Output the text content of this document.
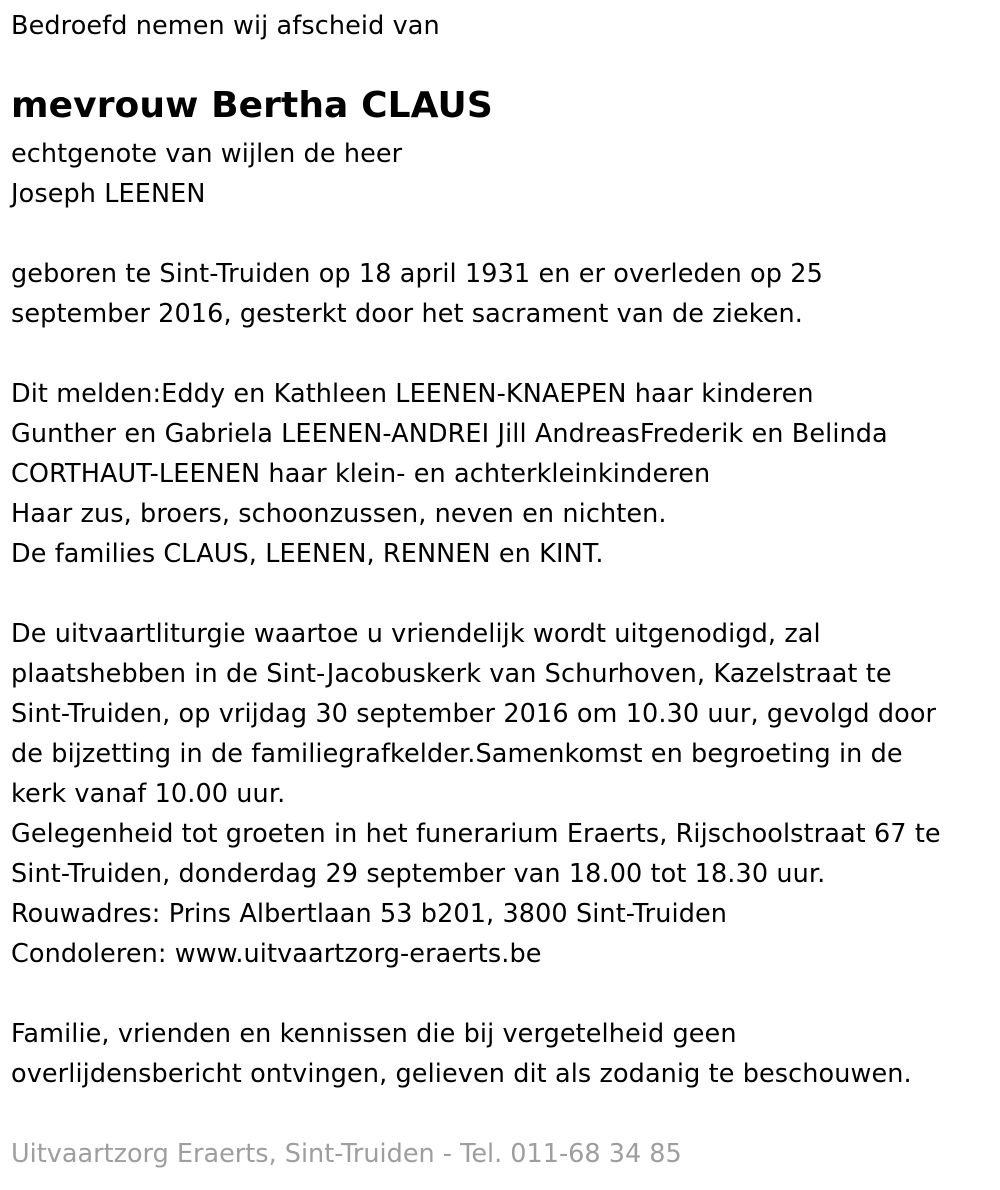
Bedroefd nemen wij afscheid van
mevrouw Bertha CLAUS
echtgenote van wijlen de heer
Joseph LEENEN
geboren te Sint-Truiden op 18 april 1931 en er overleden op 25
september 2016, gesterkt door het sacrament van de zieken.
Dit melden:Eddy en Kathleen LEENEN-KNAEPEN haar kinderen
Gunther en Gabriela LEENEN-ANDREI Jill AndreasFrederik en Belinda
CORTHAUT-LEENEN haar klein- en achterkleinkinderen
Haar zus, broers, schoonzussen, neven en nichten.
De families CLAUS, LEENEN, RENNEN en KINT.
De uitvaartliturgie waartoe u vriendelijk wordt uitgenodigd, zal
plaatshebben in de Sint-Jacobuskerk van Schurhoven, Kazelstraat te
Sint-Truiden, op vrijdag 30 september 2016 om 10.30 uur, gevolgd door
de bijzetting in de familiegrafkelder.Samenkomst en begroeting in de
kerk vanaf 10.00 uur.
Gelegenheid tot groeten in het funerarium Eraerts, Rijschoolstraat 67 te
Sint-Truiden, donderdag 29 september van 18.00 tot 18.30 uur.
Rouwadres: Prins Albertlaan 53 b201, 3800 Sint-Truiden
Condoleren: www.uitvaartzorg-eraerts.be
Familie, vrienden en kennissen die bij vergetelheid geen
overlijdensbericht ontvingen, gelieven dit als zodanig te beschouwen.
Uitvaartzorg Eraerts, Sint-Truiden - Tel. 011-68 34 85
